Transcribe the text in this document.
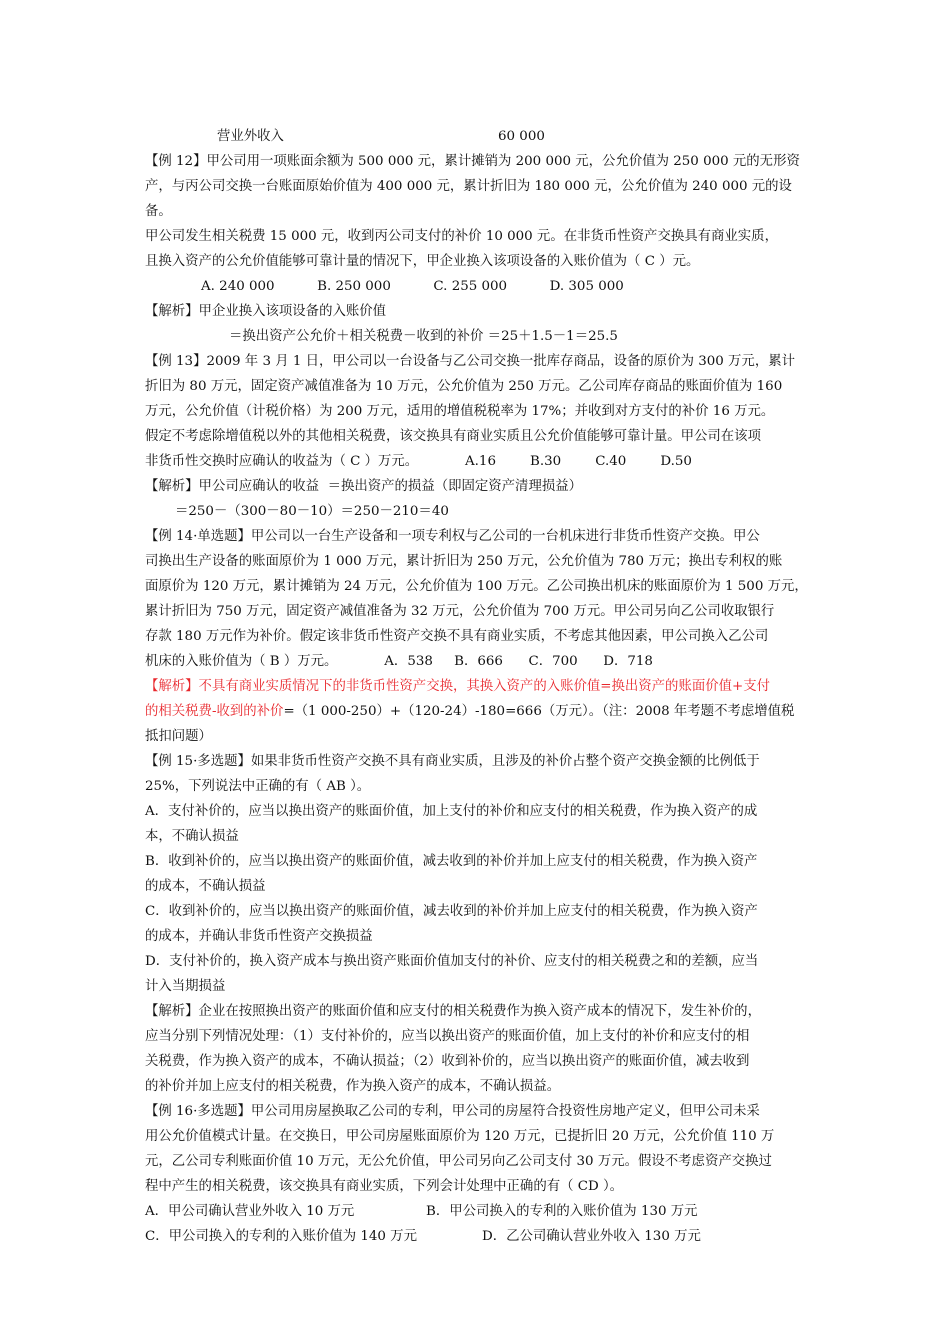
营业外收入	60 000

【例 12】甲公司用一项账面余额为 500 000 元，累计摊销为 200 000 元，公允价值为 250 000 元的无形资

产，与丙公司交换一台账面原始价值为 400 000 元，累计折旧为 180 000 元，公允价值为 240 000 元的设备。

甲公司发生相关税费 15 000 元，收到丙公司支付的补价 10 000 元。在非货币性资产交换具有商业实质，

且换入资产的公允价值能够可靠计量的情况下，甲企业换入该项设备的入账价值为（ C ）元。

A. 240 000          B. 250 000          C. 255 000          D. 305 000

【解析】甲企业换入该项设备的入账价值

＝换出资产公允价＋相关税费－收到的补价 ＝25＋1.5－1＝25.5

【例 13】2009 年 3 月 1 日，甲公司以一台设备与乙公司交换一批库存商品，设备的原价为 300 万元，累计

折旧为 80 万元，固定资产减值准备为 10 万元，公允价值为 250 万元。乙公司库存商品的账面价值为 160

万元，公允价值（计税价格）为 200 万元，适用的增值税税率为 17%；并收到对方支付的补价 16 万元。

假定不考虑除增值税以外的其他相关税费，该交换具有商业实质且公允价值能够可靠计量。甲公司在该项

非货币性交换时应确认的收益为（ C ）万元。           A.16        B.30        C.40        D.50

【解析】甲公司应确认的收益  ＝换出资产的损益（即固定资产清理损益）

＝250－（300－80－10）＝250－210＝40

【例 14·单选题】甲公司以一台生产设备和一项专利权与乙公司的一台机床进行非货币性资产交换。甲公

司换出生产设备的账面原价为 1 000 万元，累计折旧为 250 万元，公允价值为 780 万元；换出专利权的账

面原价为 120 万元，累计摊销为 24 万元，公允价值为 100 万元。乙公司换出机床的账面原价为 1 500 万元，

累计折旧为 750 万元，固定资产减值准备为 32 万元，公允价值为 700 万元。甲公司另向乙公司收取银行

存款 180 万元作为补价。假定该非货币性资产交换不具有商业实质，不考虑其他因素，甲公司换入乙公司

机床的入账价值为（ B ）万元。           A．538     B．666      C．700      D．718

【解析】不具有商业实质情况下的非货币性资产交换，其换入资产的入账价值=换出资产的账面价值+支付

的相关税费-收到的补价=（1 000-250）+（120-24）-180=666（万元）。（注：2008 年考题不考虑增值税

抵扣问题）

【例 15·多选题】如果非货币性资产交换不具有商业实质，且涉及的补价占整个资产交换金额的比例低于

25%，下列说法中正确的有（ AB ）。

A．支付补价的，应当以换出资产的账面价值，加上支付的补价和应支付的相关税费，作为换入资产的成

本，不确认损益

B．收到补价的，应当以换出资产的账面价值，减去收到的补价并加上应支付的相关税费，作为换入资产

的成本，不确认损益

C．收到补价的，应当以换出资产的账面价值，减去收到的补价并加上应支付的相关税费，作为换入资产

的成本，并确认非货币性资产交换损益

D．支付补价的，换入资产成本与换出资产账面价值加支付的补价、应支付的相关税费之和的差额，应当

计入当期损益

【解析】企业在按照换出资产的账面价值和应支付的相关税费作为换入资产成本的情况下，发生补价的，

应当分别下列情况处理：（1）支付补价的，应当以换出资产的账面价值，加上支付的补价和应支付的相

关税费，作为换入资产的成本，不确认损益；（2）收到补价的，应当以换出资产的账面价值，减去收到

的补价并加上应支付的相关税费，作为换入资产的成本，不确认损益。

【例 16·多选题】甲公司用房屋换取乙公司的专利，甲公司的房屋符合投资性房地产定义，但甲公司未采

用公允价值模式计量。在交换日，甲公司房屋账面原价为 120 万元，已提折旧 20 万元，公允价值 110 万

元，乙公司专利账面价值 10 万元，无公允价值，甲公司另向乙公司支付 30 万元。假设不考虑资产交换过

程中产生的相关税费，该交换具有商业实质，下列会计处理中正确的有（ CD ）。

A．甲公司确认营业外收入 10 万元	B．甲公司换入的专利的入账价值为 130 万元
C．甲公司换入的专利的入账价值为 140 万元	D．乙公司确认营业外收入 130 万元
